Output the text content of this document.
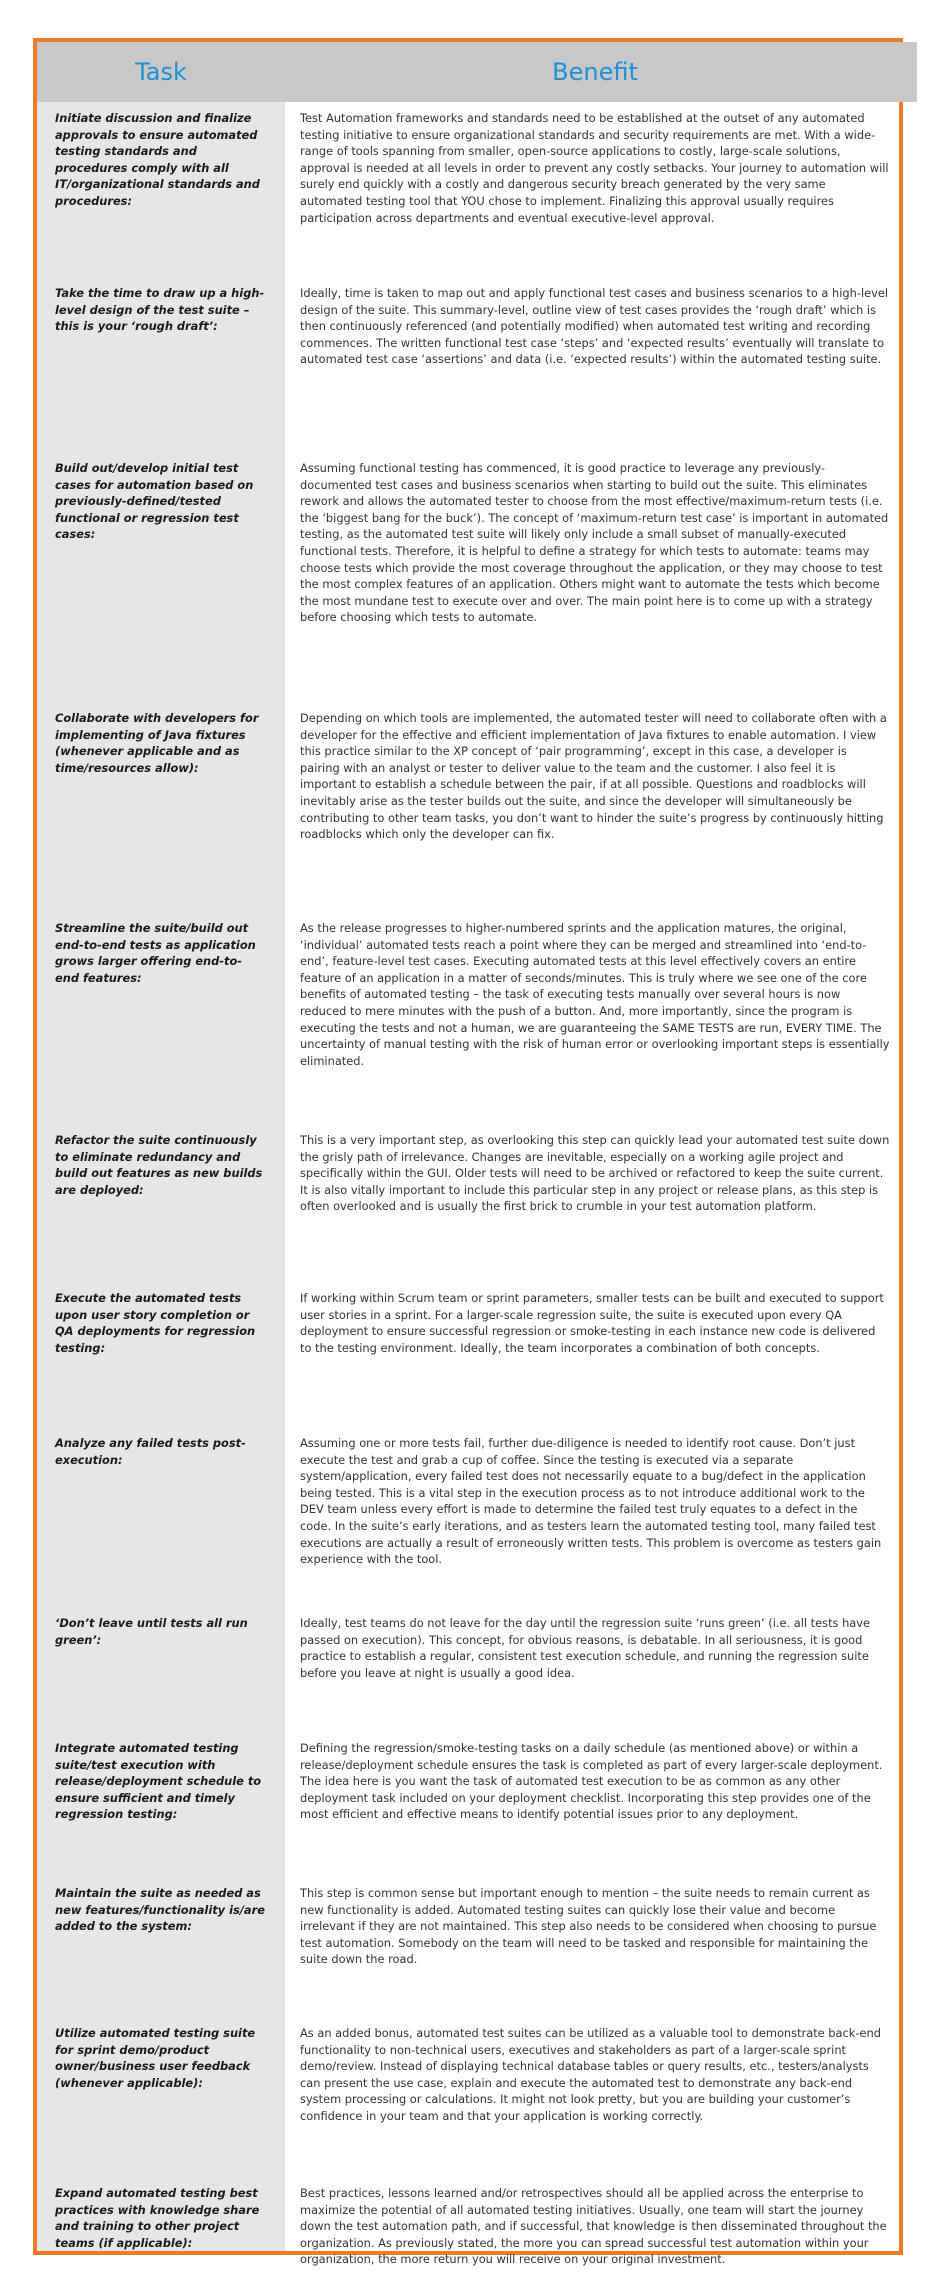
Task	Benefit
Initiate discussion and finalize approvals to ensure automated testing standards and procedures comply with all IT/organizational standards and procedures:
Test Automation frameworks and standards need to be established at the outset of any automated testing initiative to ensure organizational standards and security requirements are met. With a wide-range of tools spanning from smaller, open-source applications to costly, large-scale solutions, approval is needed at all levels in order to prevent any costly setbacks. Your journey to automation will surely end quickly with a costly and dangerous security breach generated by the very same automated testing tool that YOU chose to implement. Finalizing this approval usually requires participation across departments and eventual executive-level approval.
Take the time to draw up a high-level design of the test suite – this is your ‘rough draft’:
Ideally, time is taken to map out and apply functional test cases and business scenarios to a high-level design of the suite. This summary-level, outline view of test cases provides the ‘rough draft’ which is then continuously referenced (and potentially modified) when automated test writing and recording commences. The written functional test case ‘steps’ and ‘expected results’ eventually will translate to automated test case ‘assertions’ and data (i.e. ‘expected results’) within the automated testing suite.
Build out/develop initial test cases for automation based on previously-defined/tested functional or regression test cases:
Assuming functional testing has commenced, it is good practice to leverage any previously-documented test cases and business scenarios when starting to build out the suite. This eliminates rework and allows the automated tester to choose from the most effective/maximum-return tests (i.e. the ‘biggest bang for the buck’). The concept of ‘maximum-return test case’ is important in automated testing, as the automated test suite will likely only include a small subset of manually-executed functional tests. Therefore, it is helpful to define a strategy for which tests to automate: teams may choose tests which provide the most coverage throughout the application, or they may choose to test the most complex features of an application. Others might want to automate the tests which become the most mundane test to execute over and over. The main point here is to come up with a strategy before choosing which tests to automate.
Collaborate with developers for implementing of Java fixtures (whenever applicable and as time/resources allow):
Depending on which tools are implemented, the automated tester will need to collaborate often with a developer for the effective and efficient implementation of Java fixtures to enable automation. I view this practice similar to the XP concept of ‘pair programming’, except in this case, a developer is pairing with an analyst or tester to deliver value to the team and the customer. I also feel it is important to establish a schedule between the pair, if at all possible. Questions and roadblocks will inevitably arise as the tester builds out the suite, and since the developer will simultaneously be contributing to other team tasks, you don’t want to hinder the suite’s progress by continuously hitting roadblocks which only the developer can fix.
Streamline the suite/build out end-to-end tests as application grows larger offering end-to-end features:
As the release progresses to higher-numbered sprints and the application matures, the original, ‘individual’ automated tests reach a point where they can be merged and streamlined into ‘end-to-end’, feature-level test cases. Executing automated tests at this level effectively covers an entire feature of an application in a matter of seconds/minutes. This is truly where we see one of the core benefits of automated testing – the task of executing tests manually over several hours is now reduced to mere minutes with the push of a button. And, more importantly, since the program is executing the tests and not a human, we are guaranteeing the SAME TESTS are run, EVERY TIME. The uncertainty of manual testing with the risk of human error or overlooking important steps is essentially eliminated.
Refactor the suite continuously to eliminate redundancy and build out features as new builds are deployed:
This is a very important step, as overlooking this step can quickly lead your automated test suite down the grisly path of irrelevance. Changes are inevitable, especially on a working agile project and specifically within the GUI. Older tests will need to be archived or refactored to keep the suite current. It is also vitally important to include this particular step in any project or release plans, as this step is often overlooked and is usually the first brick to crumble in your test automation platform.
Execute the automated tests upon user story completion or QA deployments for regression testing:
If working within Scrum team or sprint parameters, smaller tests can be built and executed to support user stories in a sprint. For a larger-scale regression suite, the suite is executed upon every QA deployment to ensure successful regression or smoke-testing in each instance new code is delivered to the testing environment. Ideally, the team incorporates a combination of both concepts.
Analyze any failed tests post-execution:
Assuming one or more tests fail, further due-diligence is needed to identify root cause. Don’t just execute the test and grab a cup of coffee. Since the testing is executed via a separate system/application, every failed test does not necessarily equate to a bug/defect in the application being tested. This is a vital step in the execution process as to not introduce additional work to the DEV team unless every effort is made to determine the failed test truly equates to a defect in the code. In the suite’s early iterations, and as testers learn the automated testing tool, many failed test executions are actually a result of erroneously written tests. This problem is overcome as testers gain experience with the tool.
‘Don’t leave until tests all run green’:
Ideally, test teams do not leave for the day until the regression suite ‘runs green’ (i.e. all tests have passed on execution). This concept, for obvious reasons, is debatable. In all seriousness, it is good practice to establish a regular, consistent test execution schedule, and running the regression suite before you leave at night is usually a good idea.
Integrate automated testing suite/test execution with release/deployment schedule to ensure sufficient and timely regression testing:
Defining the regression/smoke-testing tasks on a daily schedule (as mentioned above) or within a release/deployment schedule ensures the task is completed as part of every larger-scale deployment. The idea here is you want the task of automated test execution to be as common as any other deployment task included on your deployment checklist. Incorporating this step provides one of the most efficient and effective means to identify potential issues prior to any deployment.
Maintain the suite as needed as new features/functionality is/are added to the system:
This step is common sense but important enough to mention – the suite needs to remain current as new functionality is added. Automated testing suites can quickly lose their value and become irrelevant if they are not maintained. This step also needs to be considered when choosing to pursue test automation. Somebody on the team will need to be tasked and responsible for maintaining the suite down the road.
Utilize automated testing suite for sprint demo/product owner/business user feedback (whenever applicable):
As an added bonus, automated test suites can be utilized as a valuable tool to demonstrate back-end functionality to non-technical users, executives and stakeholders as part of a larger-scale sprint demo/review. Instead of displaying technical database tables or query results, etc., testers/analysts can present the use case, explain and execute the automated test to demonstrate any back-end system processing or calculations. It might not look pretty, but you are building your customer’s confidence in your team and that your application is working correctly.
Expand automated testing best practices with knowledge share and training to other project teams (if applicable):
Best practices, lessons learned and/or retrospectives should all be applied across the enterprise to maximize the potential of all automated testing initiatives. Usually, one team will start the journey down the test automation path, and if successful, that knowledge is then disseminated throughout the organization. As previously stated, the more you can spread successful test automation within your organization, the more return you will receive on your original investment.
